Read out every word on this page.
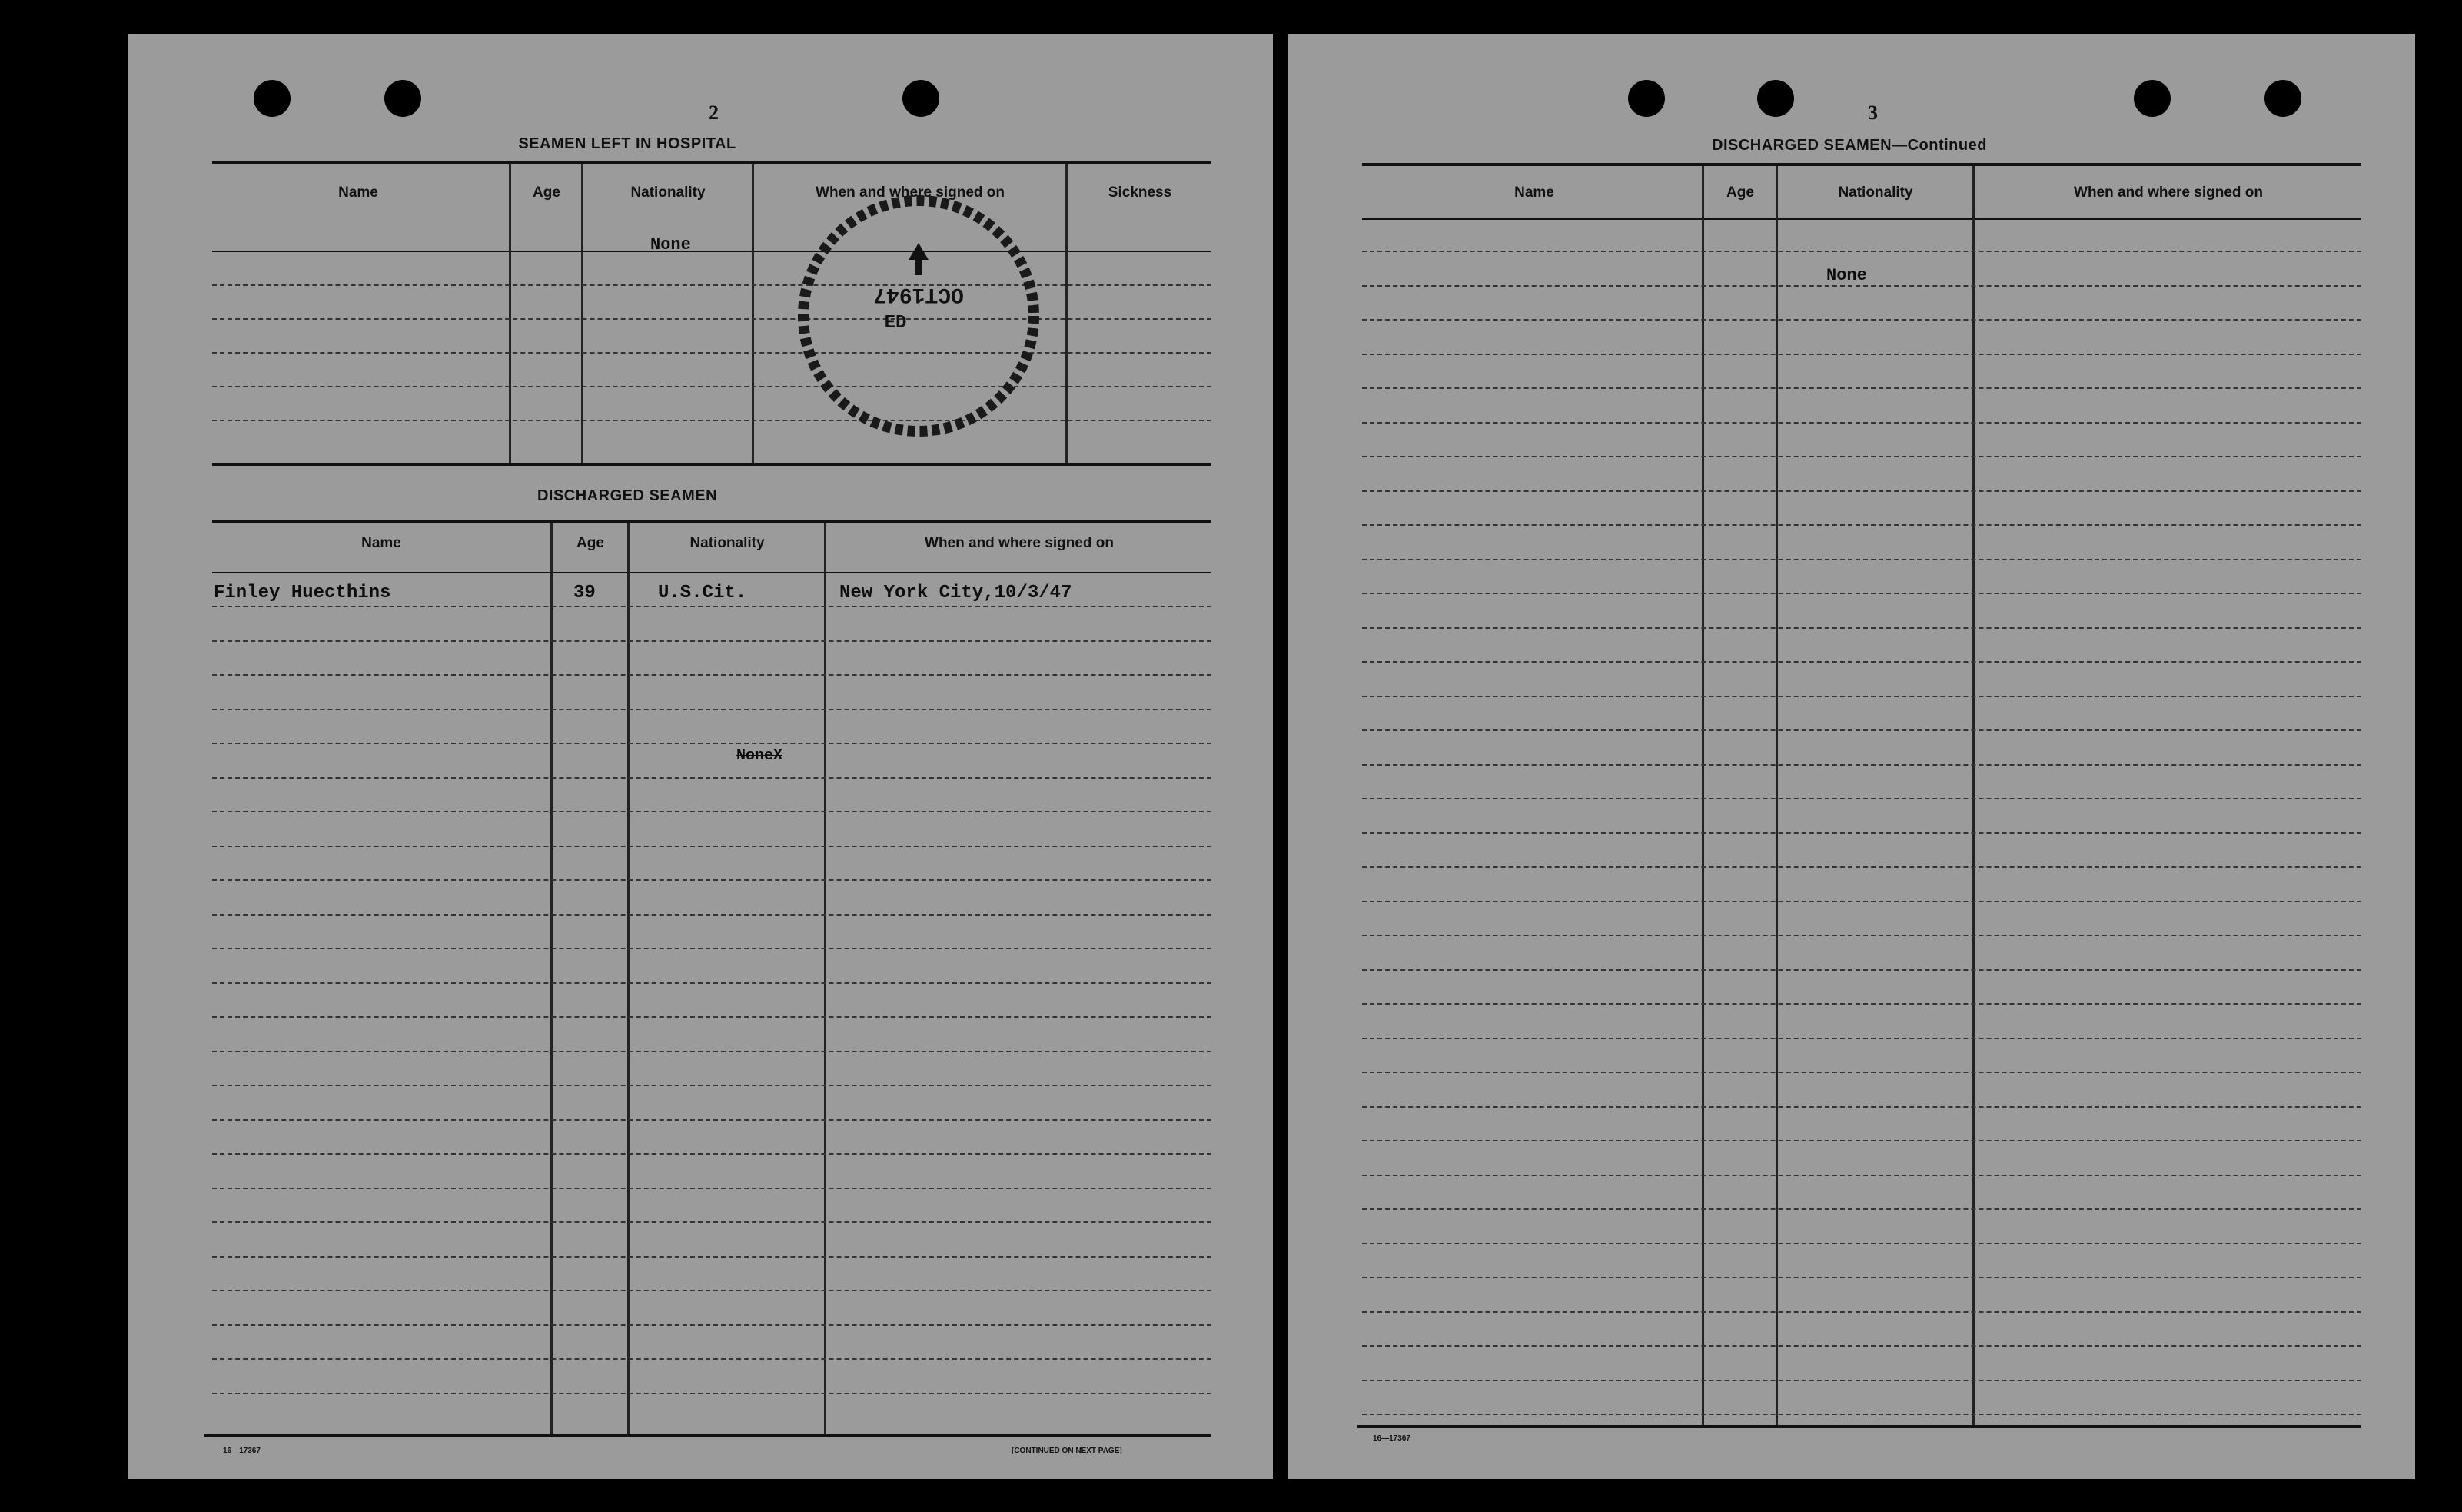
2
SEAMEN LEFT IN HOSPITAL
Name	Age	Nationality	When and where signed on	Sickness
None
OCT1947
ED
DISCHARGED SEAMEN
Name	Age	Nationality	When and where signed on
Finley Huecthins	39	U.S.Cit.	New York City,10/3/47
NoneX
16—17367	[CONTINUED ON NEXT PAGE]
3
DISCHARGED SEAMEN—Continued
Name	Age	Nationality	When and where signed on
None
16—17367
